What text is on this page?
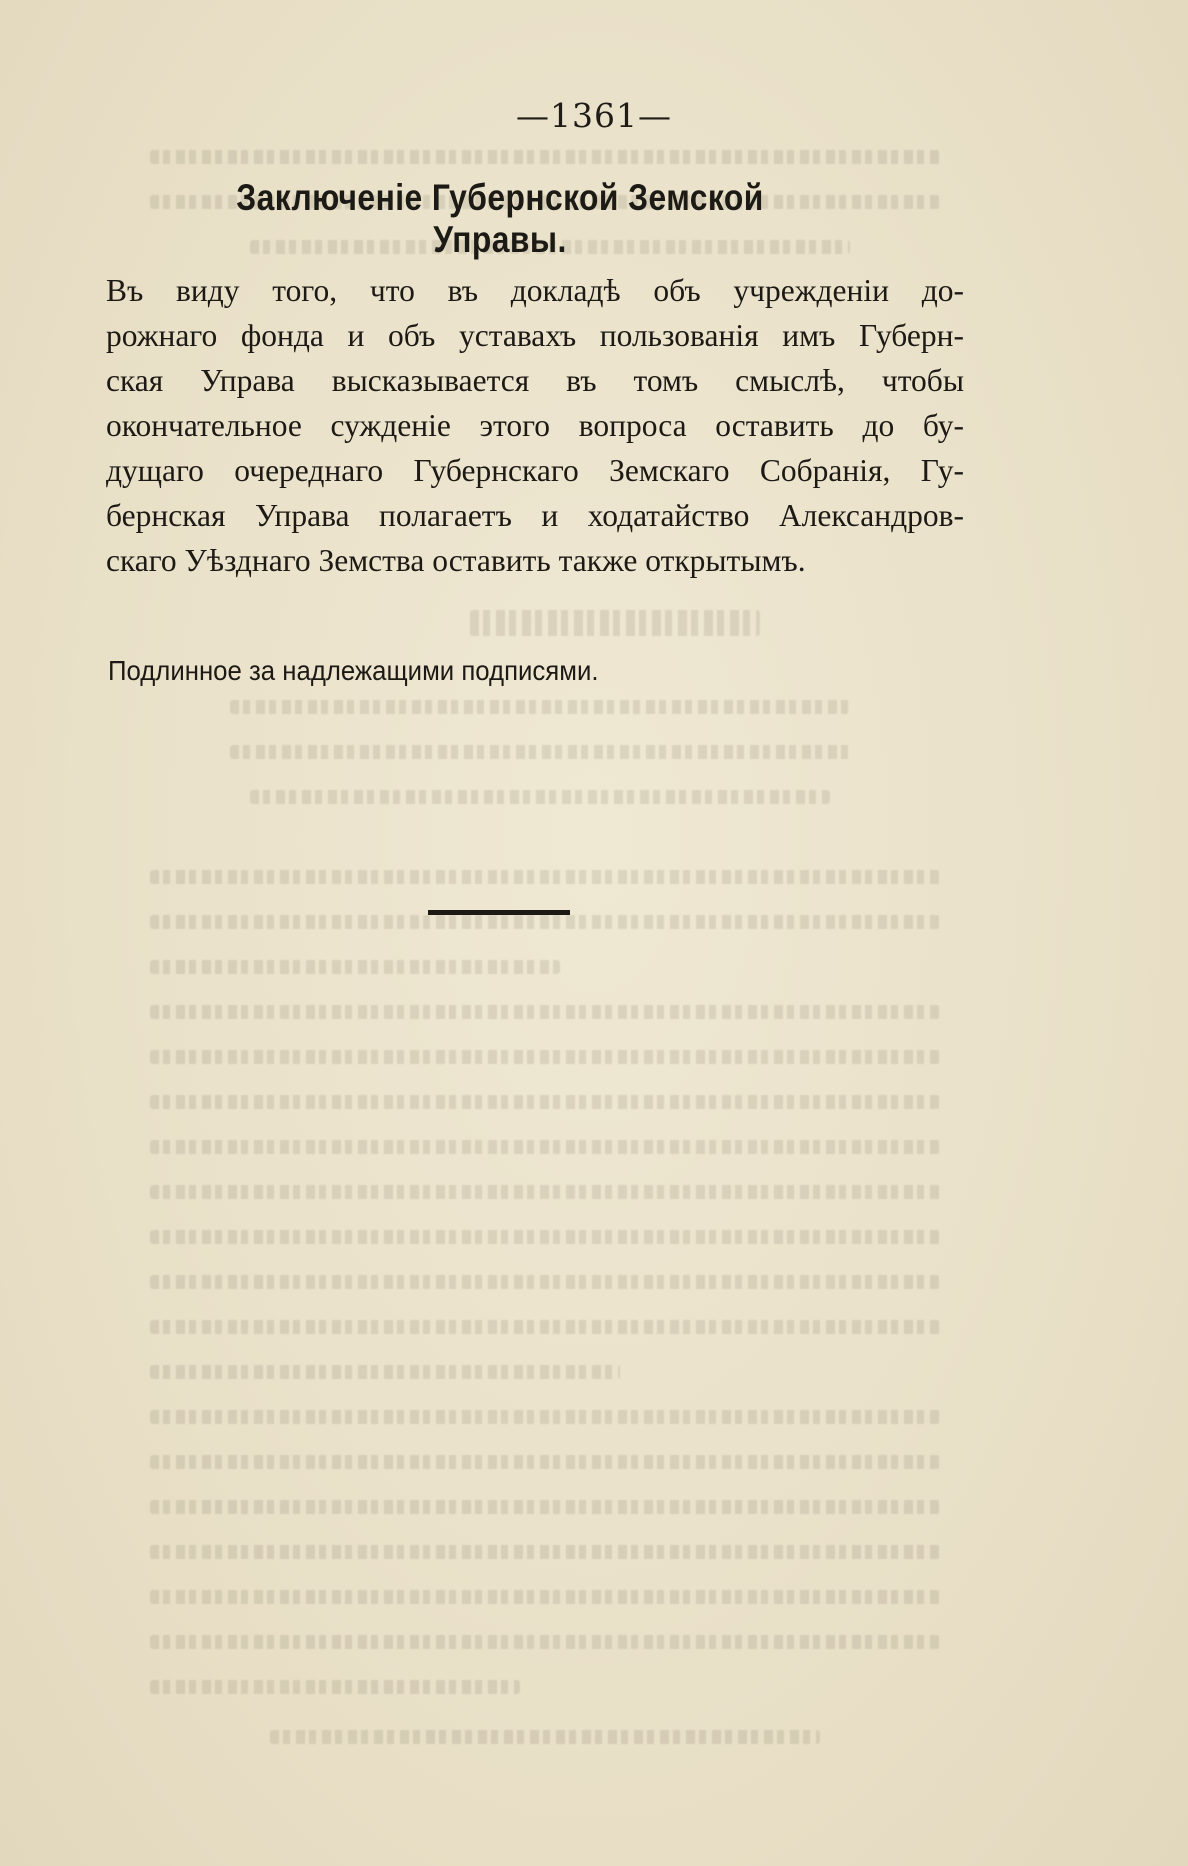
—1361—
Заключеніе Губернской Земской Управы.
Въ виду того, что въ докладѣ объ учрежденіи до-
рожнаго фонда и объ уставахъ пользованія имъ Губерн-
ская Управа высказывается въ томъ смыслѣ, чтобы
окончательное сужденіе этого вопроса оставить до бу-
дущаго очереднаго Губернскаго Земскаго Собранія, Гу-
бернская Управа полагаетъ и ходатайство Александров-
скаго Уѣзднаго Земства оставить также открытымъ.
Подлинное за надлежащими подписями.
